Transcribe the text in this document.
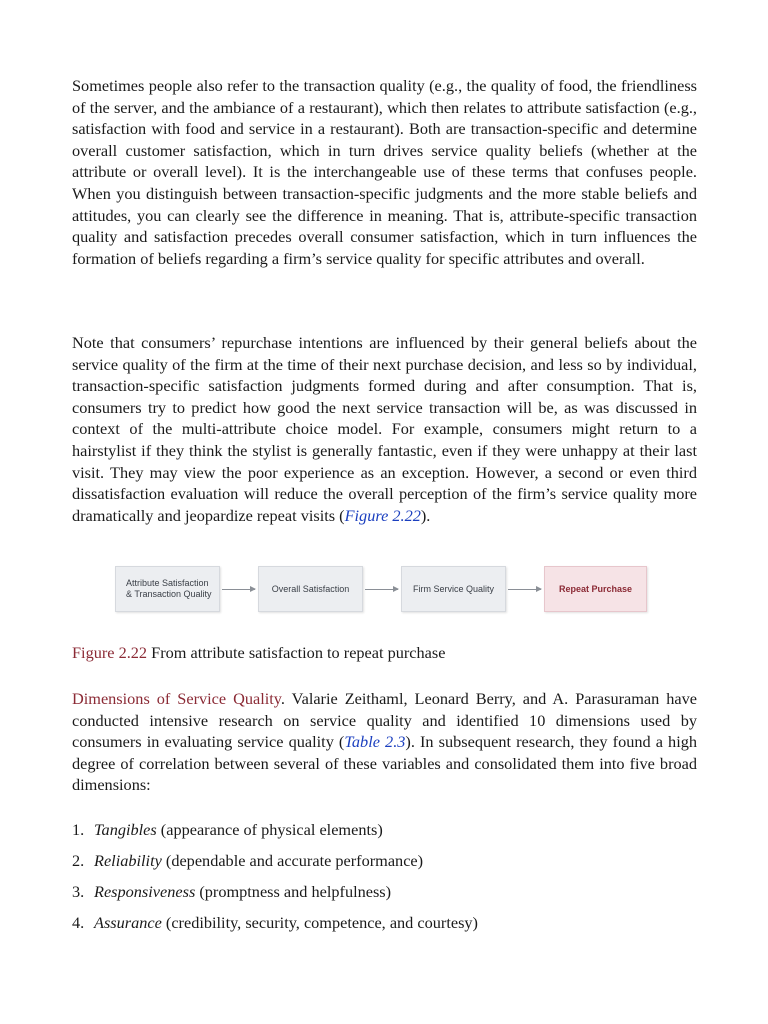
Sometimes people also refer to the transaction quality (e.g., the quality of food, the friendliness of the server, and the ambiance of a restaurant), which then relates to attribute satisfaction (e.g., satisfaction with food and service in a restaurant). Both are transaction-specific and determine overall customer satisfaction, which in turn drives service quality beliefs (whether at the attribute or overall level). It is the interchangeable use of these terms that confuses people. When you distinguish between transaction-specific judgments and the more stable beliefs and attitudes, you can clearly see the difference in meaning. That is, attribute-specific transaction quality and satisfaction precedes overall consumer satisfaction, which in turn influences the formation of beliefs regarding a firm’s service quality for specific attributes and overall.

Note that consumers’ repurchase intentions are influenced by their general beliefs about the service quality of the firm at the time of their next purchase decision, and less so by individual, transaction-specific satisfaction judgments formed during and after consumption. That is, consumers try to predict how good the next service transaction will be, as was discussed in context of the multi-attribute choice model. For example, consumers might return to a hairstylist if they think the stylist is generally fantastic, even if they were unhappy at their last visit. They may view the poor experience as an exception. However, a second or even third dissatisfaction evaluation will reduce the overall perception of the firm’s service quality more dramatically and jeopardize repeat visits (Figure 2.22).

Attribute Satisfaction
& Transaction Quality
Overall Satisfaction	Firm Service Quality	Repeat Purchase

Figure 2.22 From attribute satisfaction to repeat purchase

Dimensions of Service Quality. Valarie Zeithaml, Leonard Berry, and A. Parasuraman have conducted intensive research on service quality and identified 10 dimensions used by consumers in evaluating service quality (Table 2.3). In subsequent research, they found a high degree of correlation between several of these variables and consolidated them into five broad dimensions:

1. Tangibles (appearance of physical elements)
2. Reliability (dependable and accurate performance)
3. Responsiveness (promptness and helpfulness)
4. Assurance (credibility, security, competence, and courtesy)
